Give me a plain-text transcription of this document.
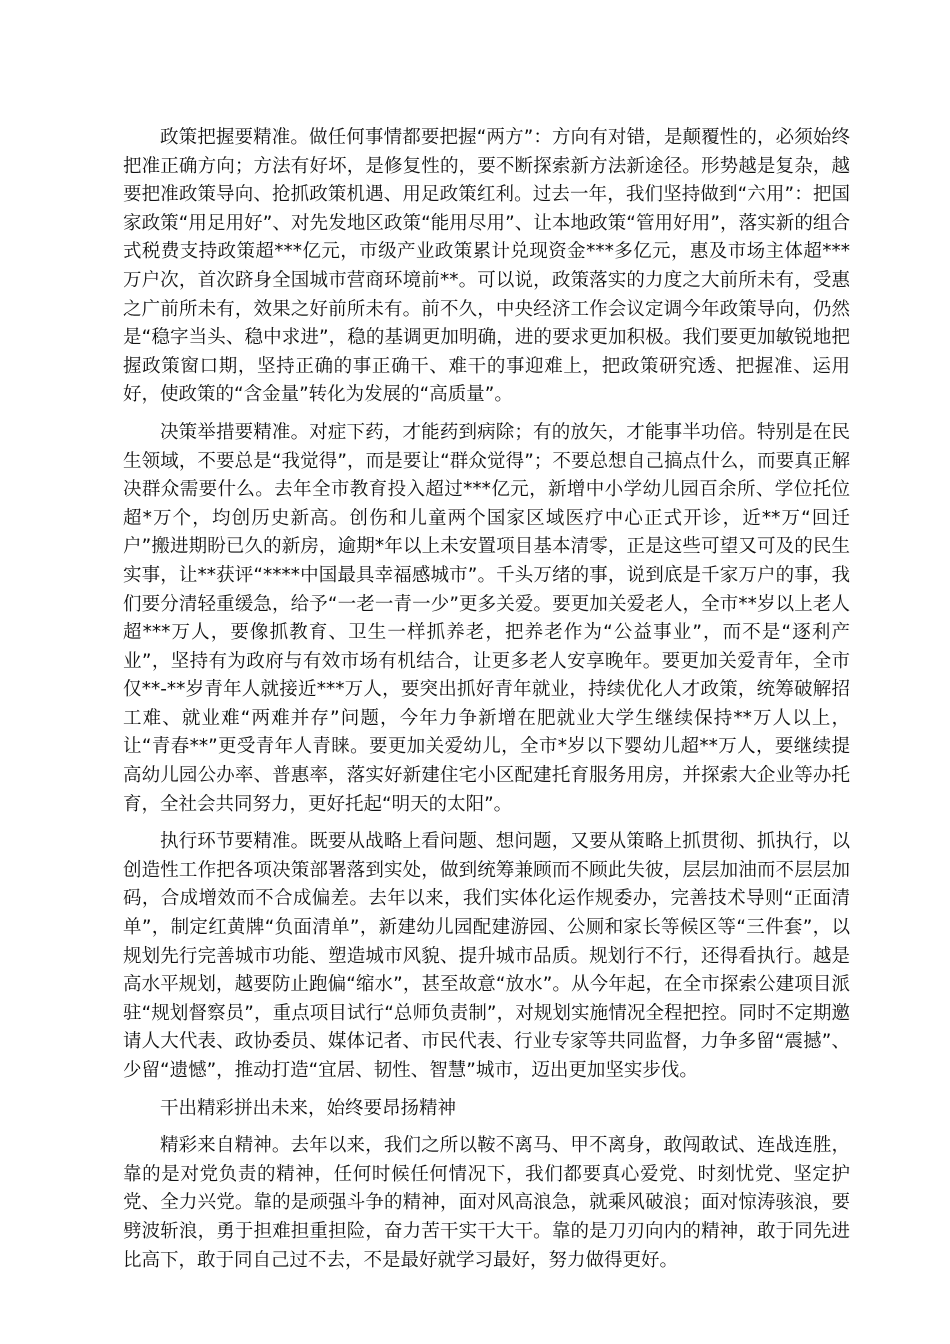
政策把握要精准。做任何事情都要把握“两方”：方向有对错，是颠覆性的，必须始终把准正确方向；方法有好坏，是修复性的，要不断探索新方法新途径。形势越是复杂，越要把准政策导向、抢抓政策机遇、用足政策红利。过去一年，我们坚持做到“六用”：把国家政策“用足用好”、对先发地区政策“能用尽用”、让本地政策“管用好用”，落实新的组合式税费支持政策超***亿元，市级产业政策累计兑现资金***多亿元，惠及市场主体超***万户次，首次跻身全国城市营商环境前**。可以说，政策落实的力度之大前所未有，受惠之广前所未有，效果之好前所未有。前不久，中央经济工作会议定调今年政策导向，仍然是“稳字当头、稳中求进”，稳的基调更加明确，进的要求更加积极。我们要更加敏锐地把握政策窗口期，坚持正确的事正确干、难干的事迎难上，把政策研究透、把握准、运用好，使政策的“含金量”转化为发展的“高质量”。

决策举措要精准。对症下药，才能药到病除；有的放矢，才能事半功倍。特别是在民生领域，不要总是“我觉得”，而是要让“群众觉得”；不要总想自己搞点什么，而要真正解决群众需要什么。去年全市教育投入超过***亿元，新增中小学幼儿园百余所、学位托位超*万个，均创历史新高。创伤和儿童两个国家区域医疗中心正式开诊，近**万“回迁户”搬进期盼已久的新房，逾期*年以上未安置项目基本清零，正是这些可望又可及的民生实事，让**获评“****中国最具幸福感城市”。千头万绪的事，说到底是千家万户的事，我们要分清轻重缓急，给予“一老一青一少”更多关爱。要更加关爱老人，全市**岁以上老人超***万人，要像抓教育、卫生一样抓养老，把养老作为“公益事业”，而不是“逐利产业”，坚持有为政府与有效市场有机结合，让更多老人安享晚年。要更加关爱青年，全市仅**-**岁青年人就接近***万人，要突出抓好青年就业，持续优化人才政策，统筹破解招工难、就业难“两难并存”问题，今年力争新增在肥就业大学生继续保持**万人以上，让“青春**”更受青年人青睐。要更加关爱幼儿，全市*岁以下婴幼儿超**万人，要继续提高幼儿园公办率、普惠率，落实好新建住宅小区配建托育服务用房，并探索大企业等办托育，全社会共同努力，更好托起“明天的太阳”。

执行环节要精准。既要从战略上看问题、想问题，又要从策略上抓贯彻、抓执行，以创造性工作把各项决策部署落到实处，做到统筹兼顾而不顾此失彼，层层加油而不层层加码，合成增效而不合成偏差。去年以来，我们实体化运作规委办，完善技术导则“正面清单”，制定红黄牌“负面清单”，新建幼儿园配建游园、公厕和家长等候区等“三件套”，以规划先行完善城市功能、塑造城市风貌、提升城市品质。规划行不行，还得看执行。越是高水平规划，越要防止跑偏“缩水”，甚至故意“放水”。从今年起，在全市探索公建项目派驻“规划督察员”，重点项目试行“总师负责制”，对规划实施情况全程把控。同时不定期邀请人大代表、政协委员、媒体记者、市民代表、行业专家等共同监督，力争多留“震撼”、少留“遗憾”，推动打造“宜居、韧性、智慧”城市，迈出更加坚实步伐。

干出精彩拼出未来，始终要昂扬精神

精彩来自精神。去年以来，我们之所以鞍不离马、甲不离身，敢闯敢试、连战连胜，靠的是对党负责的精神，任何时候任何情况下，我们都要真心爱党、时刻忧党、坚定护党、全力兴党。靠的是顽强斗争的精神，面对风高浪急，就乘风破浪；面对惊涛骇浪，要劈波斩浪，勇于担难担重担险，奋力苦干实干大干。靠的是刀刃向内的精神，敢于同先进比高下，敢于同自己过不去，不是最好就学习最好，努力做得更好。
